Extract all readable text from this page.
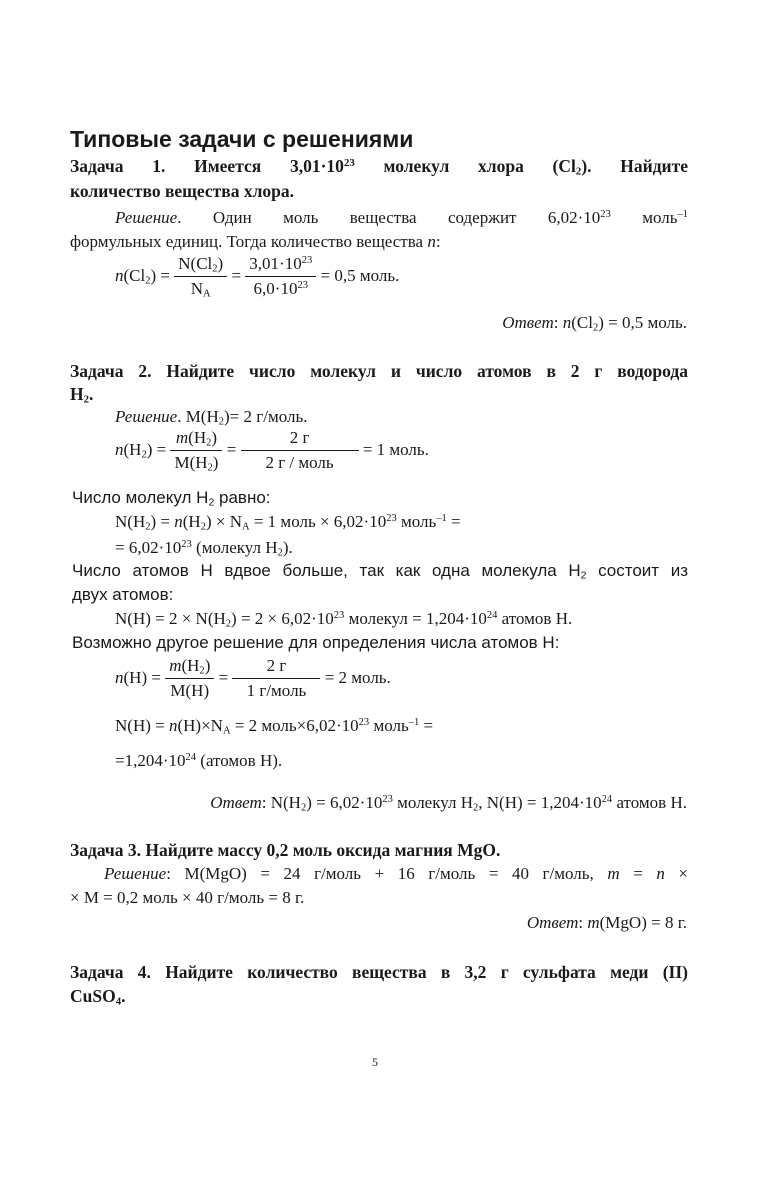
Типовые задачи с решениями
Задача 1. Имеется $3,01\cdot 10^{23}$ молекул хлора $(Cl_2)$. Найдите
количество вещества хлора.
Решение. Один моль вещества содержит $6,02\cdot 10^{23}$ моль$^{-1}$
формульных единиц. Тогда количество вещества n:
$n(Cl_2) = \frac{N(Cl_2)}{N_A} = \frac{3,01\cdot 10^{23}}{6,0\cdot 10^{23}} = 0,5$ моль.
Ответ: $n(Cl_2) = 0,5$ моль.
Задача 2. Найдите число молекул и число атомов в 2 г водорода
$H_2$.
Решение. $M(H_2)= 2$ г/моль.
$n(H_2) = \frac{m(H_2)}{M(H_2)} = \frac{2 г}{\text{2 г / моль}} = 1$ моль.
Число молекул $H_2$ равно:
$N(H_2) = n(H_2) \times N_A = 1$ моль × $6,02\cdot 10^{23}$ моль$^{-1}$ =
= $6,02\cdot 10^{23}$ (молекул $H_2$).
Число атомов H вдвое больше, так как одна молекула $H_2$ состоит из
двух атомов:
$N(H) = 2 \times N(H_2) = 2 \times 6,02\cdot 10^{23}$ молекул = $1,204\cdot 10^{24}$ атомов H.
Возможно другое решение для определения числа атомов H:
$n(H) = \frac{m(H_2)}{M(H)} = \frac{2 г}{\text{1 г/моль}} = 2$ моль.
$N(H) = n(H)\times N_A = 2$ $моль\times 6,02\cdot 10^{23}$ моль$^{-1}$ =
$=1,204\cdot 10^{24}$ (атомов H).
Ответ: $N(H_2) = 6,02\cdot 10^{23}$ молекул $H_2$, $N(H) = 1,204\cdot 10^{24}$ атомов H.
Задача 3. Найдите массу 0,2 моль оксида магния MgO.
Решение: M(MgO) = 24 г/моль + 16 г/моль = 40 г/моль, m = n ×
× M = 0,2 моль × 40 г/моль = 8 г.
Ответ: m(MgO) = 8 г.
Задача 4. Найдите количество вещества в 3,2 г сульфата меди (II)
CuSO$_4$.
5
